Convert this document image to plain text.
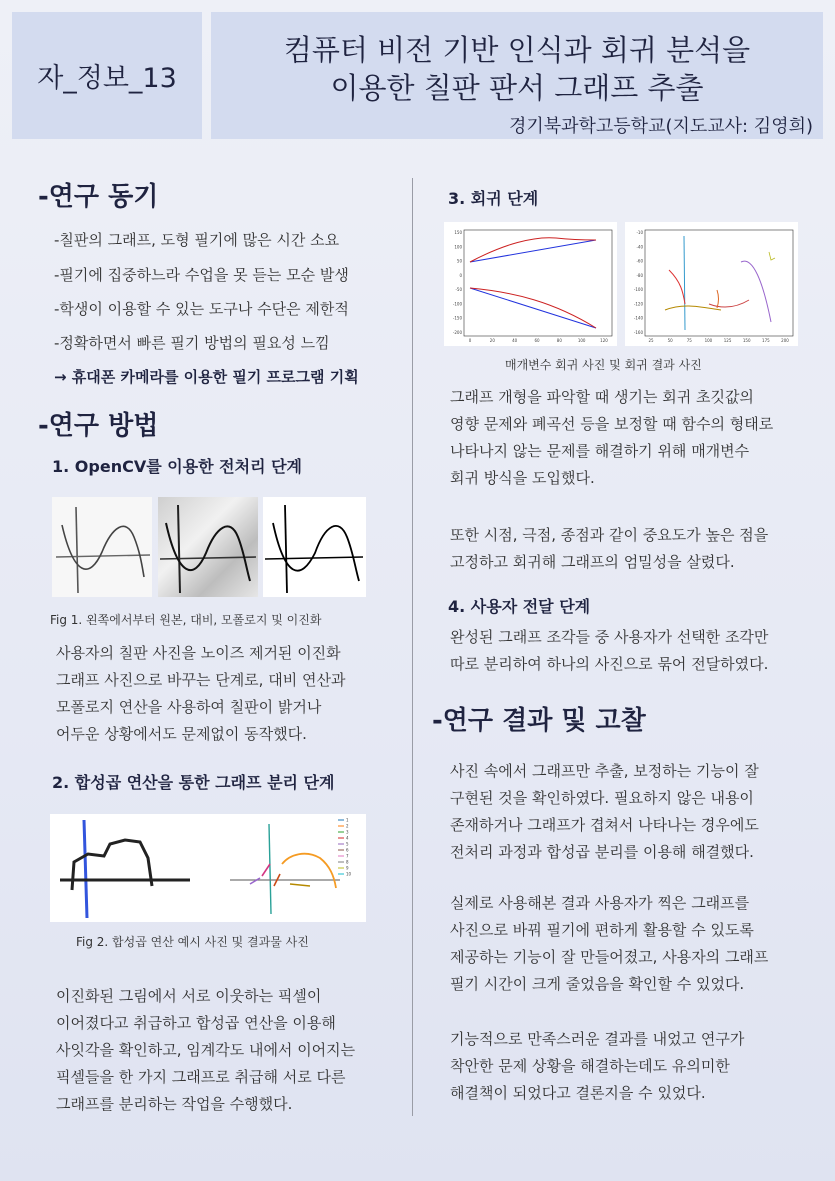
자_정보_13
컴퓨터 비전 기반 인식과 회귀 분석을
이용한 칠판 판서 그래프 추출
경기북과학고등학교(지도교사: 김영희)
-연구 동기
-칠판의 그래프, 도형 필기에 많은 시간 소요
-필기에 집중하느라 수업을 못 듣는 모순 발생
-학생이 이용할 수 있는 도구나 수단은 제한적
-정확하면서 빠른 필기 방법의 필요성 느낌
→ 휴대폰 카메라를 이용한 필기 프로그램 기획
-연구 방법
1. OpenCV를 이용한 전처리 단계
Fig 1. 왼쪽에서부터 원본, 대비, 모폴로지 및 이진화
사용자의 칠판 사진을 노이즈 제거된 이진화
그래프 사진으로 바꾸는 단계로, 대비 연산과
모폴로지 연산을 사용하여 칠판이 밝거나
어두운 상황에서도 문제없이 동작했다.
2. 합성곱 연산을 통한 그래프 분리 단계
1
2
3
4
5
6
7
8
9
10
Fig 2. 합성곱 연산 예시 사진 및 결과물 사진
이진화된 그림에서 서로 이웃하는 픽셀이
이어졌다고 취급하고 합성곱 연산을 이용해
사잇각을 확인하고, 임계각도 내에서 이어지는
픽셀들을 한 가지 그래프로 취급해 서로 다른
그래프를 분리하는 작업을 수행했다.
3. 회귀 단계
150
100
50
0
-50
-100
-150
-200
0	20	40	60	80	100	120
-10
-40
-60
-80
-100
-120
-140
-160
25	50	75	100	125	150	175	200
매개변수 회귀 사진 및 회귀 결과 사진
그래프 개형을 파악할 때 생기는 회귀 초깃값의
영향 문제와 폐곡선 등을 보정할 때 함수의 형태로
나타나지 않는 문제를 해결하기 위해 매개변수
회귀 방식을 도입했다.
또한 시점, 극점, 종점과 같이 중요도가 높은 점을
고정하고 회귀해 그래프의 엄밀성을 살렸다.
4. 사용자 전달 단계
완성된 그래프 조각들 중 사용자가 선택한 조각만
따로 분리하여 하나의 사진으로 묶어 전달하였다.
-연구 결과 및 고찰
사진 속에서 그래프만 추출, 보정하는 기능이 잘
구현된 것을 확인하였다. 필요하지 않은 내용이
존재하거나 그래프가 겹쳐서 나타나는 경우에도
전처리 과정과 합성곱 분리를 이용해 해결했다.
실제로 사용해본 결과 사용자가 찍은 그래프를
사진으로 바꿔 필기에 편하게 활용할 수 있도록
제공하는 기능이 잘 만들어졌고, 사용자의 그래프
필기 시간이 크게 줄었음을 확인할 수 있었다.
기능적으로 만족스러운 결과를 내었고 연구가
착안한 문제 상황을 해결하는데도 유의미한
해결책이 되었다고 결론지을 수 있었다.
